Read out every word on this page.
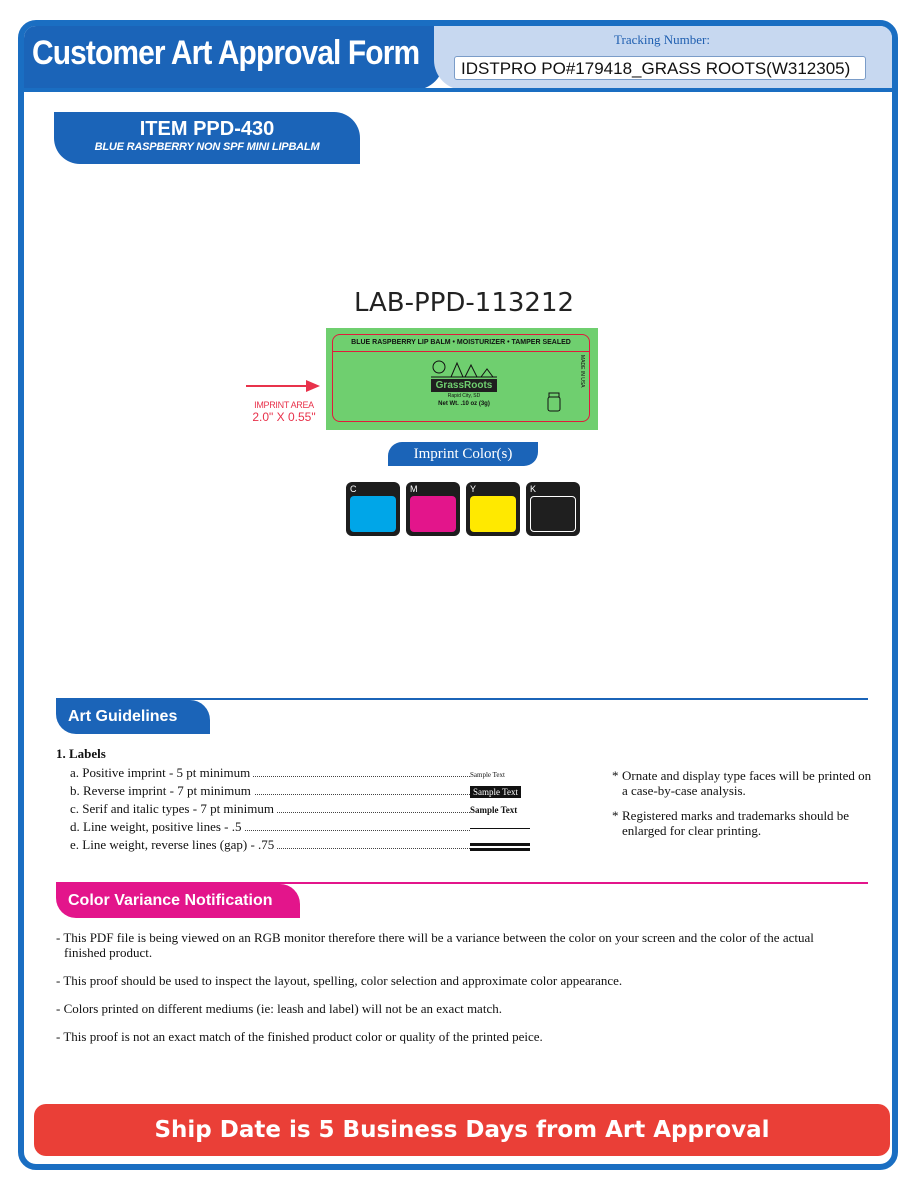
Customer Art Approval Form	Tracking Number:
IDSTPRO PO#179418_GRASS ROOTS(W312305)
ITEM PPD-430
BLUE RASPBERRY NON SPF MINI LIPBALM
LAB-PPD-113212
BLUE RASPBERRY LIP BALM • MOISTURIZER • TAMPER SEALED
GrassRoots
Rapid City, SD
Net Wt. .10 oz (3g)
MADE IN USA
IMPRINT AREA
2.0" X 0.55"
Imprint Color(s)
C	M	Y	K
Art Guidelines
1. Labels
a. Positive imprint - 5 pt minimum	Sample Text
b. Reverse imprint - 7 pt minimum	Sample Text
c. Serif and italic types - 7 pt minimum	Sample Text
d. Line weight, positive lines - .5
e. Line weight, reverse lines (gap) - .75
* Ornate and display type faces will be printed on a case-by-case analysis.
* Registered marks and trademarks should be enlarged for clear printing.
Color Variance Notification
- This PDF file is being viewed on an RGB monitor therefore there will be a variance between the color on your screen and the color of the actual finished product.
- This proof should be used to inspect the layout, spelling, color selection and approximate color appearance.
- Colors printed on different mediums (ie: leash and label) will not be an exact match.
- This proof is not an exact match of the finished product color or quality of the printed peice.
Ship Date is 5 Business Days from Art Approval
